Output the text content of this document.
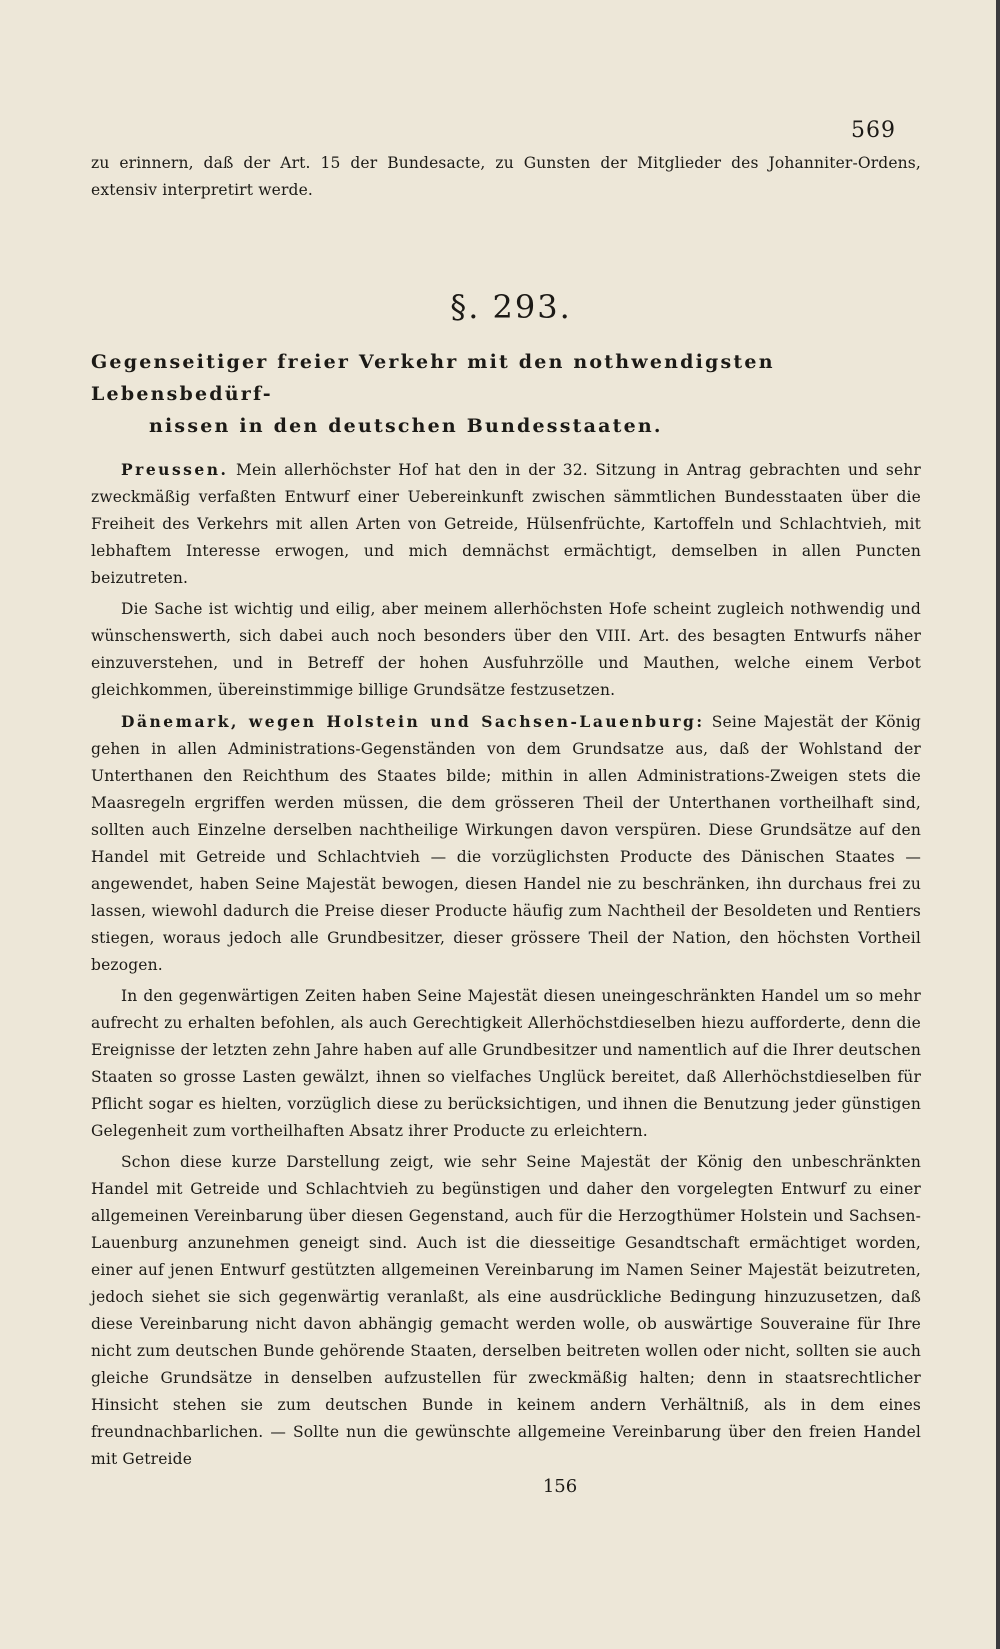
569

zu erinnern, daß der Art. 15 der Bundesacte, zu Gunsten der Mitglieder des Johanniter-Ordens, extensiv interpretirt werde.

§. 293.
Gegenseitiger freier Verkehr mit den nothwendigsten Lebensbedürf-
nissen in den deutschen Bundesstaaten.

Preussen. Mein allerhöchster Hof hat den in der 32. Sitzung in Antrag gebrachten und sehr zweckmäßig verfaßten Entwurf einer Uebereinkunft zwischen sämmtlichen Bundesstaaten über die Freiheit des Verkehrs mit allen Arten von Getreide, Hülsenfrüchte, Kartoffeln und Schlachtvieh, mit lebhaftem Interesse erwogen, und mich demnächst ermächtigt, demselben in allen Puncten beizutreten.

Die Sache ist wichtig und eilig, aber meinem allerhöchsten Hofe scheint zugleich nothwendig und wünschenswerth, sich dabei auch noch besonders über den VIII. Art. des besagten Entwurfs näher einzuverstehen, und in Betreff der hohen Ausfuhrzölle und Mauthen, welche einem Verbot gleichkommen, übereinstimmige billige Grundsätze festzusetzen.

Dänemark, wegen Holstein und Sachsen-Lauenburg: Seine Majestät der König gehen in allen Administrations-Gegenständen von dem Grundsatze aus, daß der Wohlstand der Unterthanen den Reichthum des Staates bilde; mithin in allen Administrations-Zweigen stets die Maasregeln ergriffen werden müssen, die dem grösseren Theil der Unterthanen vortheilhaft sind, sollten auch Einzelne derselben nachtheilige Wirkungen davon verspüren. Diese Grundsätze auf den Handel mit Getreide und Schlachtvieh — die vorzüglichsten Producte des Dänischen Staates — angewendet, haben Seine Majestät bewogen, diesen Handel nie zu beschränken, ihn durchaus frei zu lassen, wiewohl dadurch die Preise dieser Producte häufig zum Nachtheil der Besoldeten und Rentiers stiegen, woraus jedoch alle Grundbesitzer, dieser grössere Theil der Nation, den höchsten Vortheil bezogen.

In den gegenwärtigen Zeiten haben Seine Majestät diesen uneingeschränkten Handel um so mehr aufrecht zu erhalten befohlen, als auch Gerechtigkeit Allerhöchstdieselben hiezu aufforderte, denn die Ereignisse der letzten zehn Jahre haben auf alle Grundbesitzer und namentlich auf die Ihrer deutschen Staaten so grosse Lasten gewälzt, ihnen so vielfaches Unglück bereitet, daß Allerhöchstdieselben für Pflicht sogar es hielten, vorzüglich diese zu berücksichtigen, und ihnen die Benutzung jeder günstigen Gelegenheit zum vortheilhaften Absatz ihrer Producte zu erleichtern.

Schon diese kurze Darstellung zeigt, wie sehr Seine Majestät der König den unbeschränkten Handel mit Getreide und Schlachtvieh zu begünstigen und daher den vorgelegten Entwurf zu einer allgemeinen Vereinbarung über diesen Gegenstand, auch für die Herzogthümer Holstein und Sachsen-Lauenburg anzunehmen geneigt sind. Auch ist die diesseitige Gesandtschaft ermächtiget worden, einer auf jenen Entwurf gestützten allgemeinen Vereinbarung im Namen Seiner Majestät beizutreten, jedoch siehet sie sich gegenwärtig veranlaßt, als eine ausdrückliche Bedingung hinzuzusetzen, daß diese Vereinbarung nicht davon abhängig gemacht werden wolle, ob auswärtige Souveraine für Ihre nicht zum deutschen Bunde gehörende Staaten, derselben beitreten wollen oder nicht, sollten sie auch gleiche Grundsätze in denselben aufzustellen für zweckmäßig halten; denn in staatsrechtlicher Hinsicht stehen sie zum deutschen Bunde in keinem andern Verhältniß, als in dem eines freundnachbarlichen. — Sollte nun die gewünschte allgemeine Vereinbarung über den freien Handel mit Getreide

156
